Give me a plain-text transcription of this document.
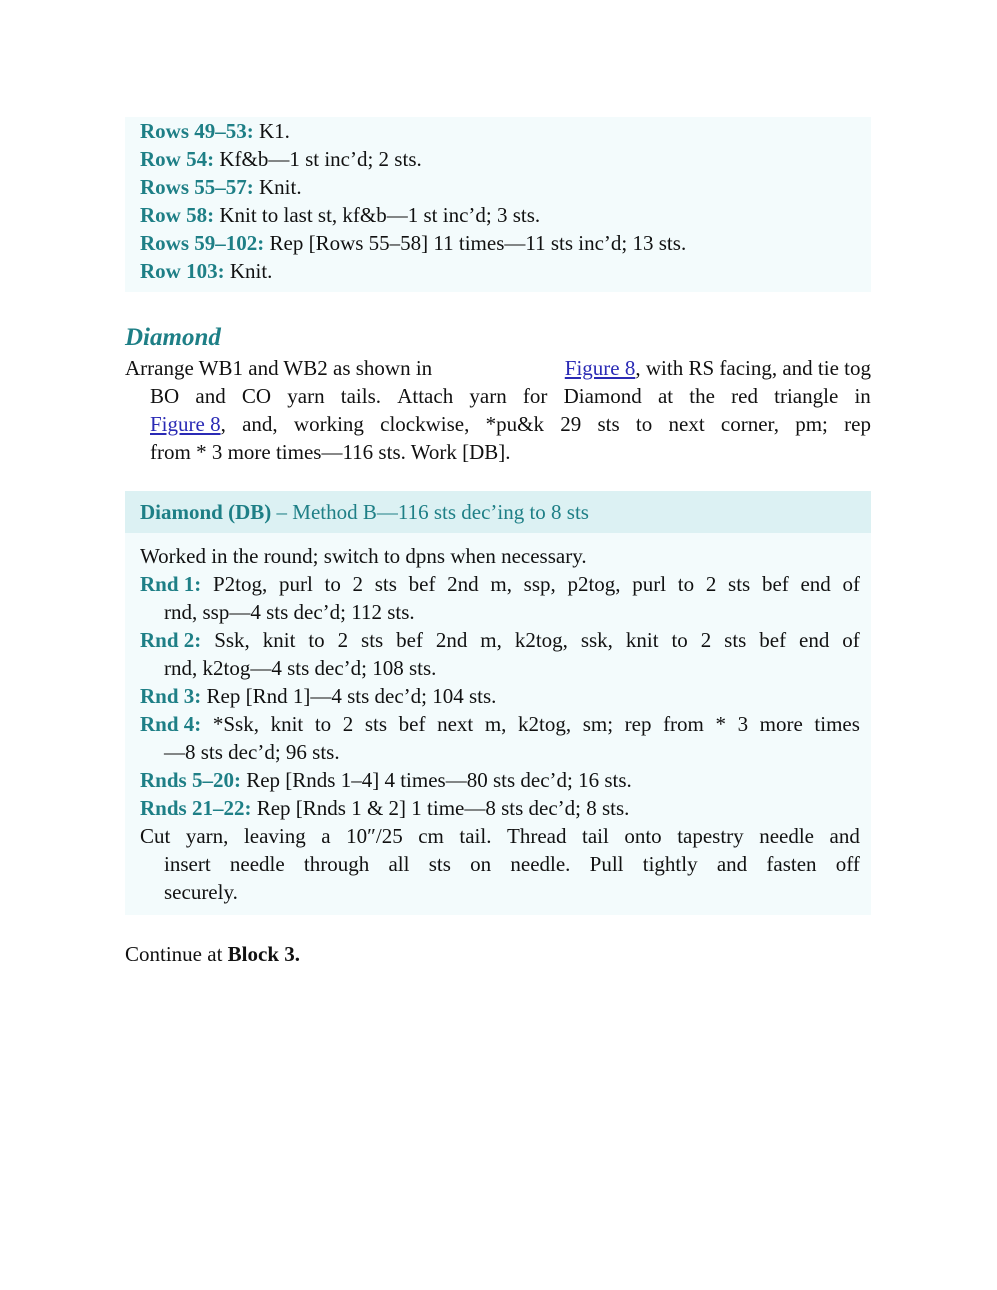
Rows 49–53: K1.
Row 54: Kf&b—1 st inc’d; 2 sts.
Rows 55–57: Knit.
Row 58: Knit to last st, kf&b—1 st inc’d; 3 sts.
Rows 59–102: Rep [Rows 55–58] 11 times—11 sts inc’d; 13 sts.
Row 103: Knit.
Diamond
Arrange WB1 and WB2 as shown in	Figure 8, with RS facing, and tie tog
BO and CO yarn tails. Attach yarn for Diamond at the red triangle in
Figure 8 , and, working clockwise, *pu&k 29 sts to next corner, pm; rep
from * 3 more times—116 sts. Work [DB].
Diamond (DB) – Method B—116 sts dec’ing to 8 sts
Worked in the round; switch to dpns when necessary.
Rnd 1: P2tog, purl to 2 sts bef 2nd m, ssp, p2tog, purl to 2 sts bef end of
rnd, ssp—4 sts dec’d; 112 sts.
Rnd 2: Ssk, knit to 2 sts bef 2nd m, k2tog, ssk, knit to 2 sts bef end of
rnd, k2tog—4 sts dec’d; 108 sts.
Rnd 3: Rep [Rnd 1]—4 sts dec’d; 104 sts.
Rnd 4: *Ssk, knit to 2 sts bef next m, k2tog, sm; rep from * 3 more times
—8 sts dec’d; 96 sts.
Rnds 5–20: Rep [Rnds 1–4] 4 times—80 sts dec’d; 16 sts.
Rnds 21–22: Rep [Rnds 1 & 2] 1 time—8 sts dec’d; 8 sts.
Cut yarn, leaving a 10″/25 cm tail. Thread tail onto tapestry needle and
insert needle through all sts on needle. Pull tightly and fasten off
securely.
Continue at Block 3.
